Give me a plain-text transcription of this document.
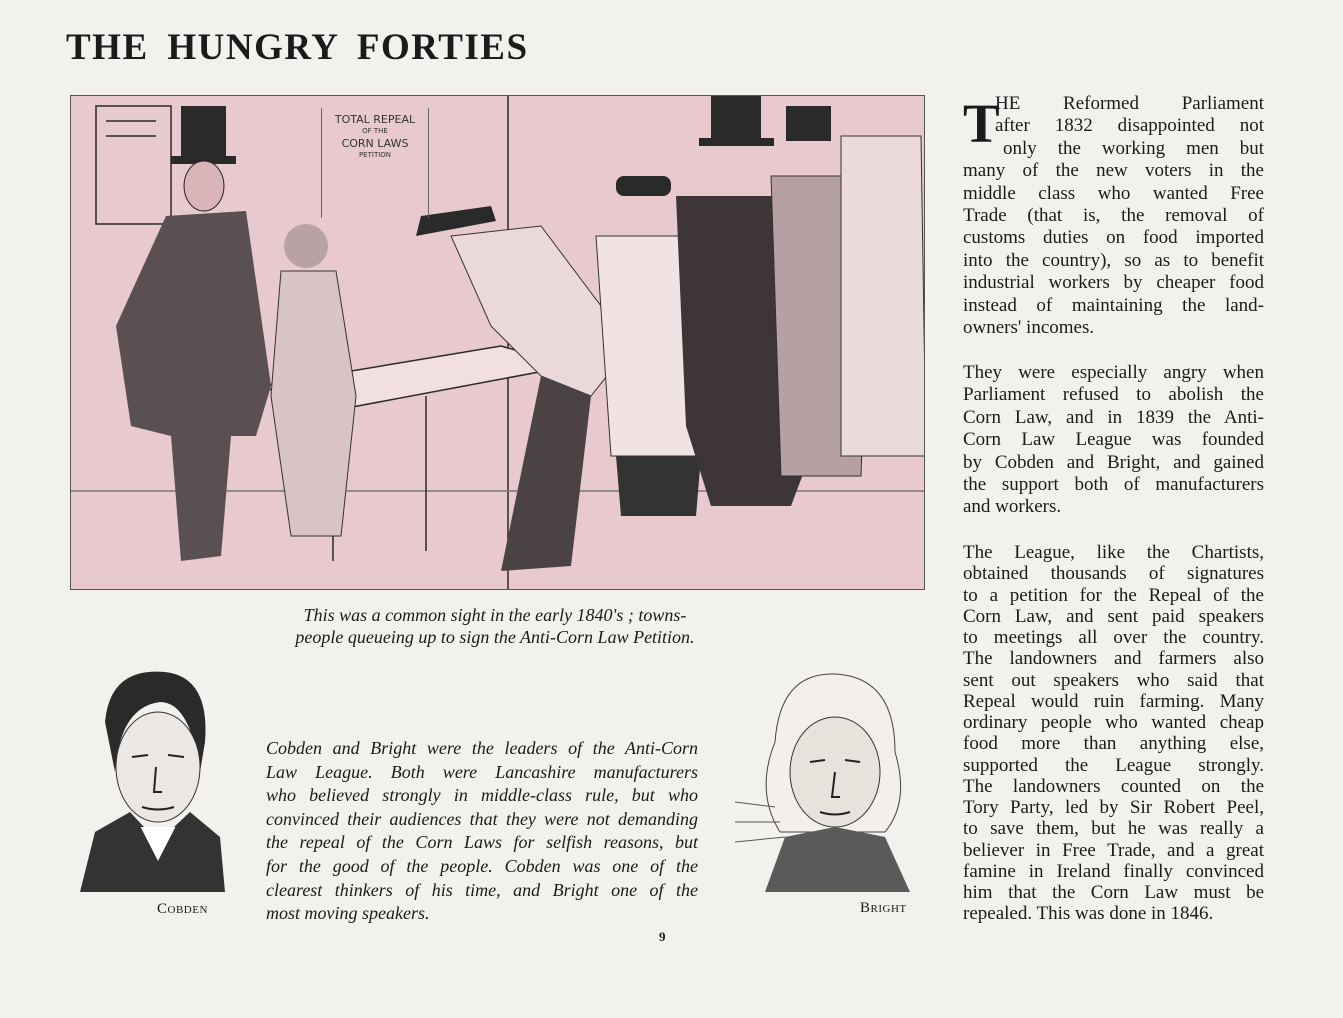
THE HUNGRY FORTIES
TOTAL REPEAL
OF THE
CORN LAWS
PETITION
This was a common sight in the early 1840's ; towns-
people queueing up to sign the Anti-Corn Law Petition.
Cobden
Cobden and Bright were the leaders of the Anti-Corn
Law League. Both were Lancashire manufacturers
who believed strongly in middle-class rule, but who
convinced their audiences that they were not demanding
the repeal of the Corn Laws for selfish reasons, but
for the good of the people. Cobden was one of the
clearest thinkers of his time, and Bright one of the
most moving speakers.	Bright
T
HE Reformed Parliament
after 1832 disappointed not
only the working men but
many of the new voters in the
middle class who wanted Free
Trade (that is, the removal of
customs duties on food imported
into the country), so as to benefit
industrial workers by cheaper food
instead of maintaining the land-
owners' incomes.
They were especially angry when
Parliament refused to abolish the
Corn Law, and in 1839 the Anti-
Corn Law League was founded
by Cobden and Bright, and gained
the support both of manufacturers
and workers.
The League, like the Chartists,
obtained thousands of signatures
to a petition for the Repeal of the
Corn Law, and sent paid speakers
to meetings all over the country.
The landowners and farmers also
sent out speakers who said that
Repeal would ruin farming. Many
ordinary people who wanted cheap
food more than anything else,
supported the League strongly.
The landowners counted on the
Tory Party, led by Sir Robert Peel,
to save them, but he was really a
believer in Free Trade, and a great
famine in Ireland finally convinced
him that the Corn Law must be
repealed. This was done in 1846.
9
